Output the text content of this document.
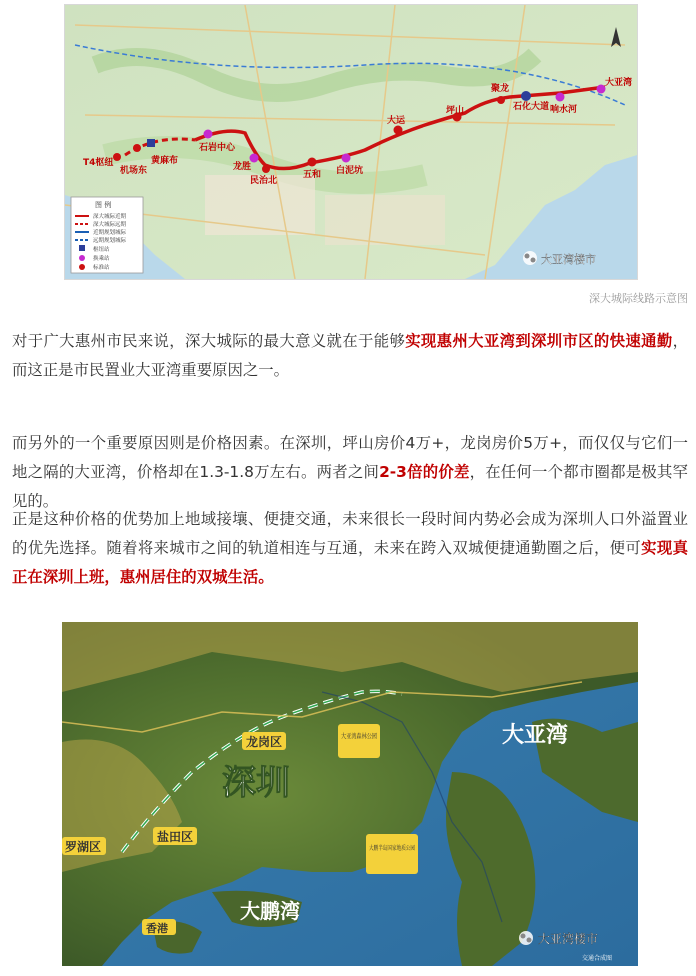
T4枢纽
机场东
黄麻布
石岩中心
龙胜
民治北
五和 白泥坑
大运
坪山
聚龙
石化大道 响水河
大亚湾
图 例
深大城际近期
深大城际远期
近期规划城际
远期规划城际
枢纽站
换乘站
标准站
大亚湾楼市
深大城际线路示意图
对于广大惠州市民来说，深大城际的最大意义就在于能够实现惠州大亚湾到深圳市区的快速通勤，而这正是市民置业大亚湾重要原因之一。
而另外的一个重要原因则是价格因素。在深圳，坪山房价4万+，龙岗房价5万+，而仅仅与它们一地之隔的大亚湾，价格却在1.3-1.8万左右。两者之间2-3倍的价差，在任何一个都市圈都是极其罕见的。
正是这种价格的优势加上地域接壤、便捷交通，未来很长一段时间内势必会成为深圳人口外溢置业的优先选择。随着将来城市之间的轨道相连与互通，未来在跨入双城便捷通勤圈之后，便可实现真正在深圳上班，惠州居住的双城生活。
龙岗区
盐田区
罗湖区
香港
大亚湾森林公园
大鹏半岛国家地质公园
深圳
大亚湾
大鹏湾
大亚湾楼市
交通合成图
